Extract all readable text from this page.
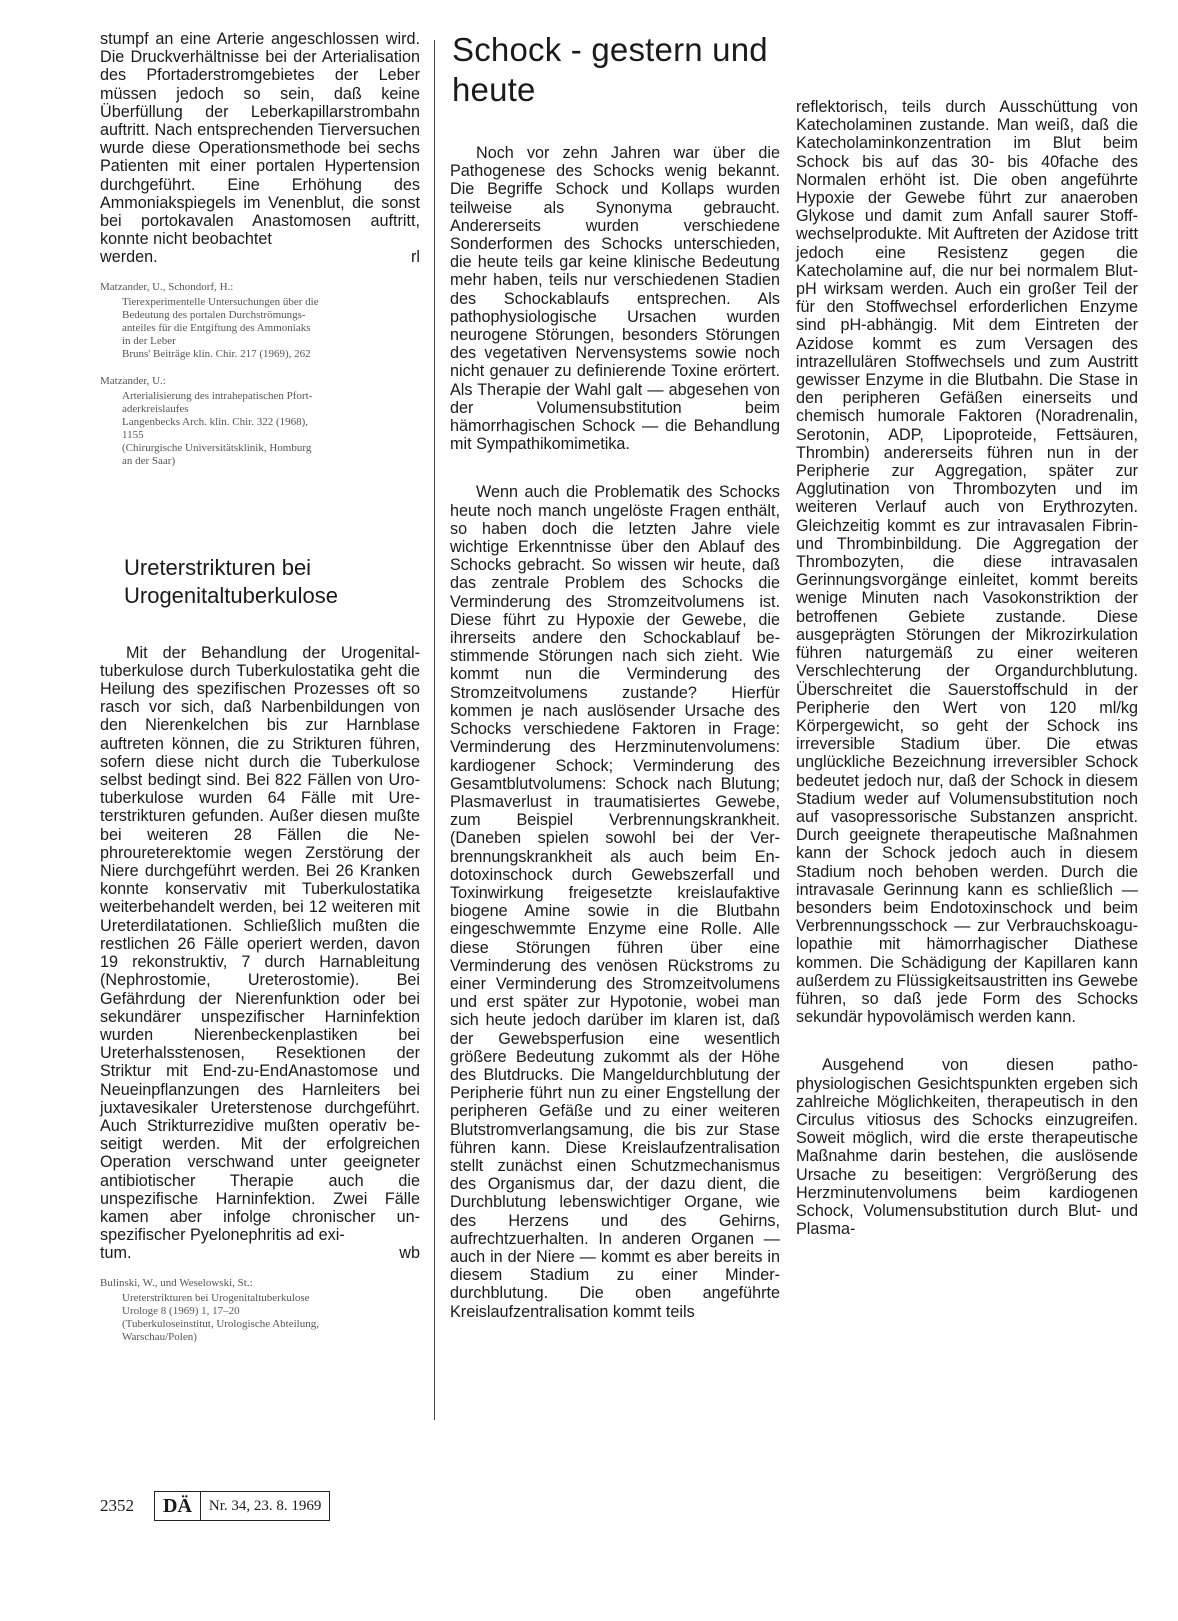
stumpf an eine Arterie angeschlossen wird. Die Druckverhältnisse bei der Arterialisation des Pfortaderstromgebietes der Leber müssen jedoch so sein, daß keine Überfüllung der Leberkapillarstrombahn auftritt. Nach entsprechenden Tierversuchen wurde diese Operationsmethode bei sechs Patienten mit einer portalen Hypertension durchgeführt. Eine Erhöhung des Ammoniakspiegels im Venenblut, die sonst bei portokavalen Anastomosen auftritt, konnte nicht beobachtet

werden.	rl
Matzander, U., Schondorf, H.:
Tierexperimentelle Untersuchungen über die
Bedeutung des portalen Durchströmungs-
anteiles für die Entgiftung des Ammoniaks
in der Leber
Bruns' Beiträge klin. Chir. 217 (1969), 262
Matzander, U.:
Arterialisierung des intrahepatischen Pfort-
aderkreislaufes
Langenbecks Arch. klin. Chir. 322 (1968),
1155
(Chirurgische Universitätsklinik, Homburg
an der Saar)
Ureterstrikturen bei
Urogenitaltuberkulose

Mit der Behandlung der Urogenitaltuberkulose durch Tuberkulostatika geht die Heilung des spezifischen Prozesses oft so rasch vor sich, daß Narbenbildungen von den Nierenkelchen bis zur Harnblase auftreten können, die zu Strikturen führen, sofern diese nicht durch die Tuberkulose selbst bedingt sind. Bei 822 Fällen von Urotuberkulose wurden 64 Fälle mit Ureterstrikturen gefunden. Außer diesen mußte bei weiteren 28 Fällen die Nephroureterektomie wegen Zerstörung der Niere durchgeführt werden. Bei 26 Kranken konnte konservativ mit Tuberkulostatika weiterbehandelt werden, bei 12 weiteren mit Ureterdilatationen. Schließlich mußten die restlichen 26 Fälle operiert werden, davon 19 rekonstruktiv, 7 durch Harnableitung (Nephrostomie, Ureterostomie). Bei Gefährdung der Nierenfunktion oder bei sekundärer unspezifischer Harninfektion wurden Nierenbeckenplastiken bei Ureterhalsstenosen, Resektionen der Striktur mit End-zu-EndAnastomose und Neueinpflanzungen des Harnleiters bei juxtavesikaler Ureterstenose durchgeführt. Auch Strikturrezidive mußten operativ beseitigt werden. Mit der erfolgreichen Operation verschwand unter geeigneter antibiotischer Therapie auch die unspezifische Harninfektion. Zwei Fälle kamen aber infolge chronischer unspezifischer Pyelonephritis ad exi-

tum.	wb
Bulinski, W., und Weselowski, St.:
Ureterstrikturen bei Urogenitaltuberkulose
Urologe 8 (1969) 1, 17–20
(Tuberkuloseinstitut, Urologische Abteilung,
Warschau/Polen)
Schock - gestern und heute

Noch vor zehn Jahren war über die Pathogenese des Schocks wenig bekannt. Die Begriffe Schock und Kollaps wurden teilweise als Synonyma gebraucht. Andererseits wurden verschiedene Sonderformen des Schocks unterschieden, die heute teils gar keine klinische Bedeutung mehr haben, teils nur verschiedenen Stadien des Schockablaufs entsprechen. Als pathophysiologische Ursachen wurden neurogene Störungen, besonders Störungen des vegetativen Nervensystems sowie noch nicht genauer zu definierende Toxine erörtert. Als Therapie der Wahl galt — abgesehen von der Volumensubstitution beim hämorrhagischen Schock — die Behandlung mit Sympathikomimetika.

Wenn auch die Problematik des Schocks heute noch manch ungelöste Fragen enthält, so haben doch die letzten Jahre viele wichtige Erkenntnisse über den Ablauf des Schocks gebracht. So wissen wir heute, daß das zentrale Problem des Schocks die Verminderung des Stromzeitvolumens ist. Diese führt zu Hypoxie der Gewebe, die ihrerseits andere den Schockablauf bestimmende Störungen nach sich zieht. Wie kommt nun die Verminderung des Stromzeitvolumens zustande? Hierfür kommen je nach auslösender Ursache des Schocks verschiedene Faktoren in Frage: Verminderung des Herzminutenvolumens: kardiogener Schock; Verminderung des Gesamtblutvolumens: Schock nach Blutung; Plasmaverlust in traumatisiertes Gewebe, zum Beispiel Verbrennungskrankheit. (Daneben spielen sowohl bei der Verbrennungskrankheit als auch beim Endotoxinschock durch Gewebszerfall und Toxinwirkung freigesetzte kreislaufaktive biogene Amine sowie in die Blutbahn eingeschwemmte Enzyme eine Rolle. Alle diese Störungen führen über eine Verminderung des venösen Rückstroms zu einer Verminderung des Stromzeitvolumens und erst später zur Hypotonie, wobei man sich heute jedoch darüber im klaren ist, daß der Gewebsperfusion eine wesentlich größere Bedeutung zukommt als der Höhe des Blutdrucks. Die Mangeldurchblutung der Peripherie führt nun zu einer Engstellung der peripheren Gefäße und zu einer weiteren Blutstromverlangsamung, die bis zur Stase führen kann. Diese Kreislaufzentralisation stellt zunächst einen Schutzmechanismus des Organismus dar, der dazu dient, die Durchblutung lebenswichtiger Organe, wie des Herzens und des Gehirns, aufrechtzuerhalten. In anderen Organen — auch in der Niere — kommt es aber bereits in diesem Stadium zu einer Minderdurchblutung. Die oben angeführte Kreislaufzentralisation kommt teils

reflektorisch, teils durch Ausschüttung von Katecholaminen zustande. Man weiß, daß die Katecholaminkonzentration im Blut beim Schock bis auf das 30- bis 40fache des Normalen erhöht ist. Die oben angeführte Hypoxie der Gewebe führt zur anaeroben Glykose und damit zum Anfall saurer Stoffwechselprodukte. Mit Auftreten der Azidose tritt jedoch eine Resistenz gegen die Katecholamine auf, die nur bei normalem Blut-pH wirksam werden. Auch ein großer Teil der für den Stoffwechsel erforderlichen Enzyme sind pH-abhängig. Mit dem Eintreten der Azidose kommt es zum Versagen des intrazellulären Stoffwechsels und zum Austritt gewisser Enzyme in die Blutbahn. Die Stase in den peripheren Gefäßen einerseits und chemisch humorale Faktoren (Noradrenalin, Serotonin, ADP, Lipoproteide, Fettsäuren, Thrombin) andererseits führen nun in der Peripherie zur Aggregation, später zur Agglutination von Thrombozyten und im weiteren Verlauf auch von Erythrozyten. Gleichzeitig kommt es zur intravasalen Fibrin- und Thrombinbildung. Die Aggregation der Thrombozyten, die diese intravasalen Gerinnungsvorgänge einleitet, kommt bereits wenige Minuten nach Vasokonstriktion der betroffenen Gebiete zustande. Diese ausgeprägten Störungen der Mikrozirkulation führen naturgemäß zu einer weiteren Verschlechterung der Organdurchblutung. Überschreitet die Sauerstoffschuld in der Peripherie den Wert von 120 ml/kg Körpergewicht, so geht der Schock ins irreversible Stadium über. Die etwas unglückliche Bezeichnung irreversibler Schock bedeutet jedoch nur, daß der Schock in diesem Stadium weder auf Volumensubstitution noch auf vasopressorische Substanzen anspricht. Durch geeignete therapeutische Maßnahmen kann der Schock jedoch auch in diesem Stadium noch behoben werden. Durch die intravasale Gerinnung kann es schließlich — besonders beim Endotoxinschock und beim Verbrennungsschock — zur Verbrauchskoagulopathie mit hämorrhagischer Diathese kommen. Die Schädigung der Kapillaren kann außerdem zu Flüssigkeitsaustritten ins Gewebe führen, so daß jede Form des Schocks sekundär hypovolämisch werden kann.

Ausgehend von diesen pathophysiologischen Gesichtspunkten ergeben sich zahlreiche Möglichkeiten, therapeutisch in den Circulus vitiosus des Schocks einzugreifen. Soweit möglich, wird die erste therapeutische Maßnahme darin bestehen, die auslösende Ursache zu beseitigen: Vergrößerung des Herzminutenvolumens beim kardiogenen Schock, Volumensubstitution durch Blut- und Plasma-

2352	DÄ	Nr. 34, 23. 8. 1969
